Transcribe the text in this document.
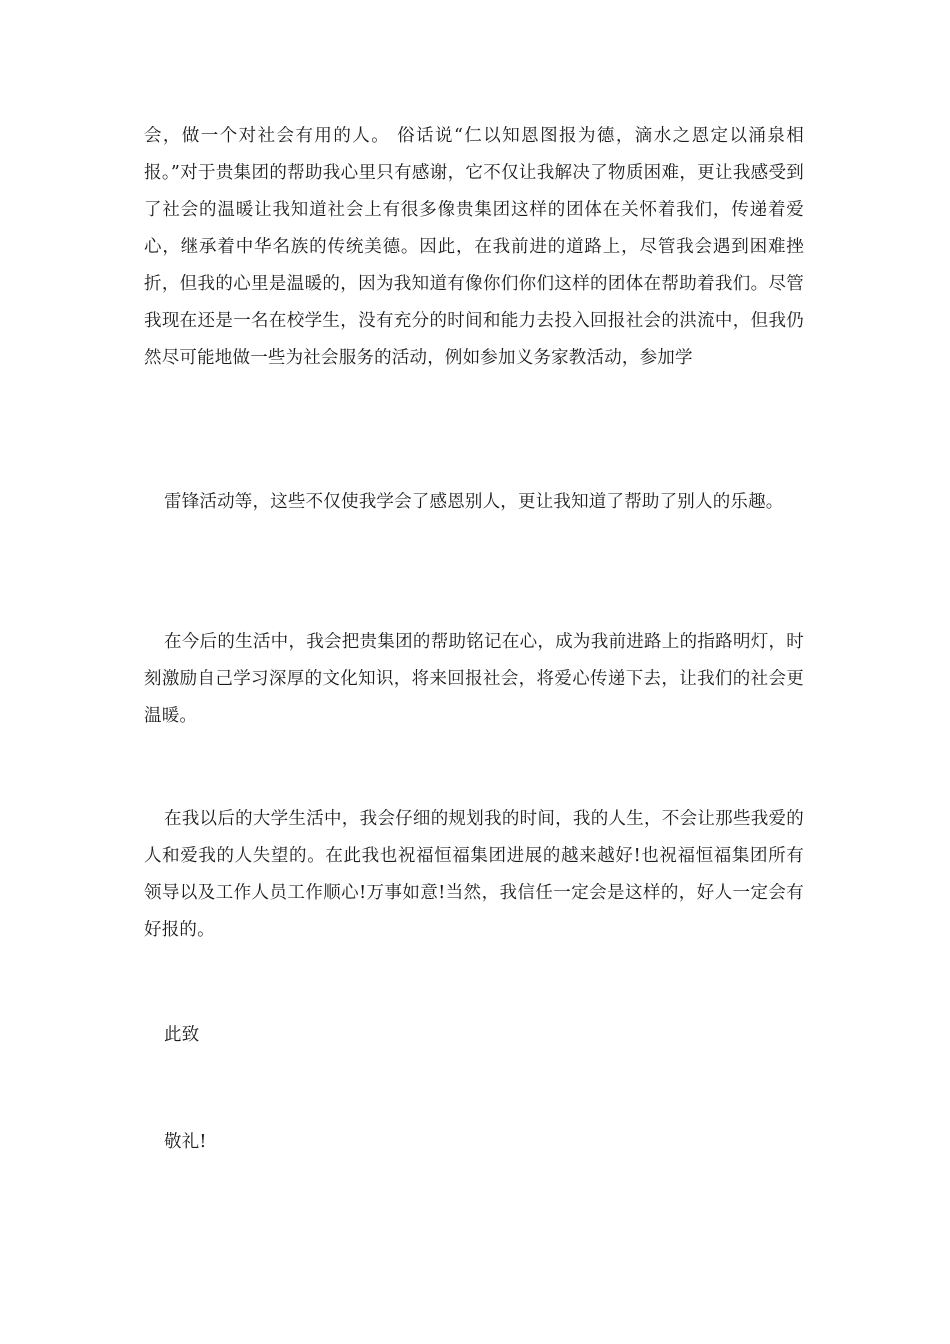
会，做一个对社会有用的人。 俗话说“仁以知恩图报为德，滴水之恩定以涌泉相报。”对于贵集团的帮助我心里只有感谢，它不仅让我解决了物质困难，更让我感受到了社会的温暖让我知道社会上有很多像贵集团这样的团体在关怀着我们，传递着爱心，继承着中华名族的传统美德。因此，在我前进的道路上，尽管我会遇到困难挫折，但我的心里是温暖的，因为我知道有像你们你们这样的团体在帮助着我们。尽管我现在还是一名在校学生，没有充分的时间和能力去投入回报社会的洪流中，但我仍然尽可能地做一些为社会服务的活动，例如参加义务家教活动，参加学

雷锋活动等，这些不仅使我学会了感恩别人，更让我知道了帮助了别人的乐趣。

在今后的生活中，我会把贵集团的帮助铭记在心，成为我前进路上的指路明灯，时刻激励自己学习深厚的文化知识，将来回报社会，将爱心传递下去，让我们的社会更温暖。

在我以后的大学生活中，我会仔细的规划我的时间，我的人生，不会让那些我爱的人和爱我的人失望的。在此我也祝福恒福集团进展的越来越好!也祝福恒福集团所有领导以及工作人员工作顺心!万事如意!当然，我信任一定会是这样的，好人一定会有好报的。

此致

敬礼!
